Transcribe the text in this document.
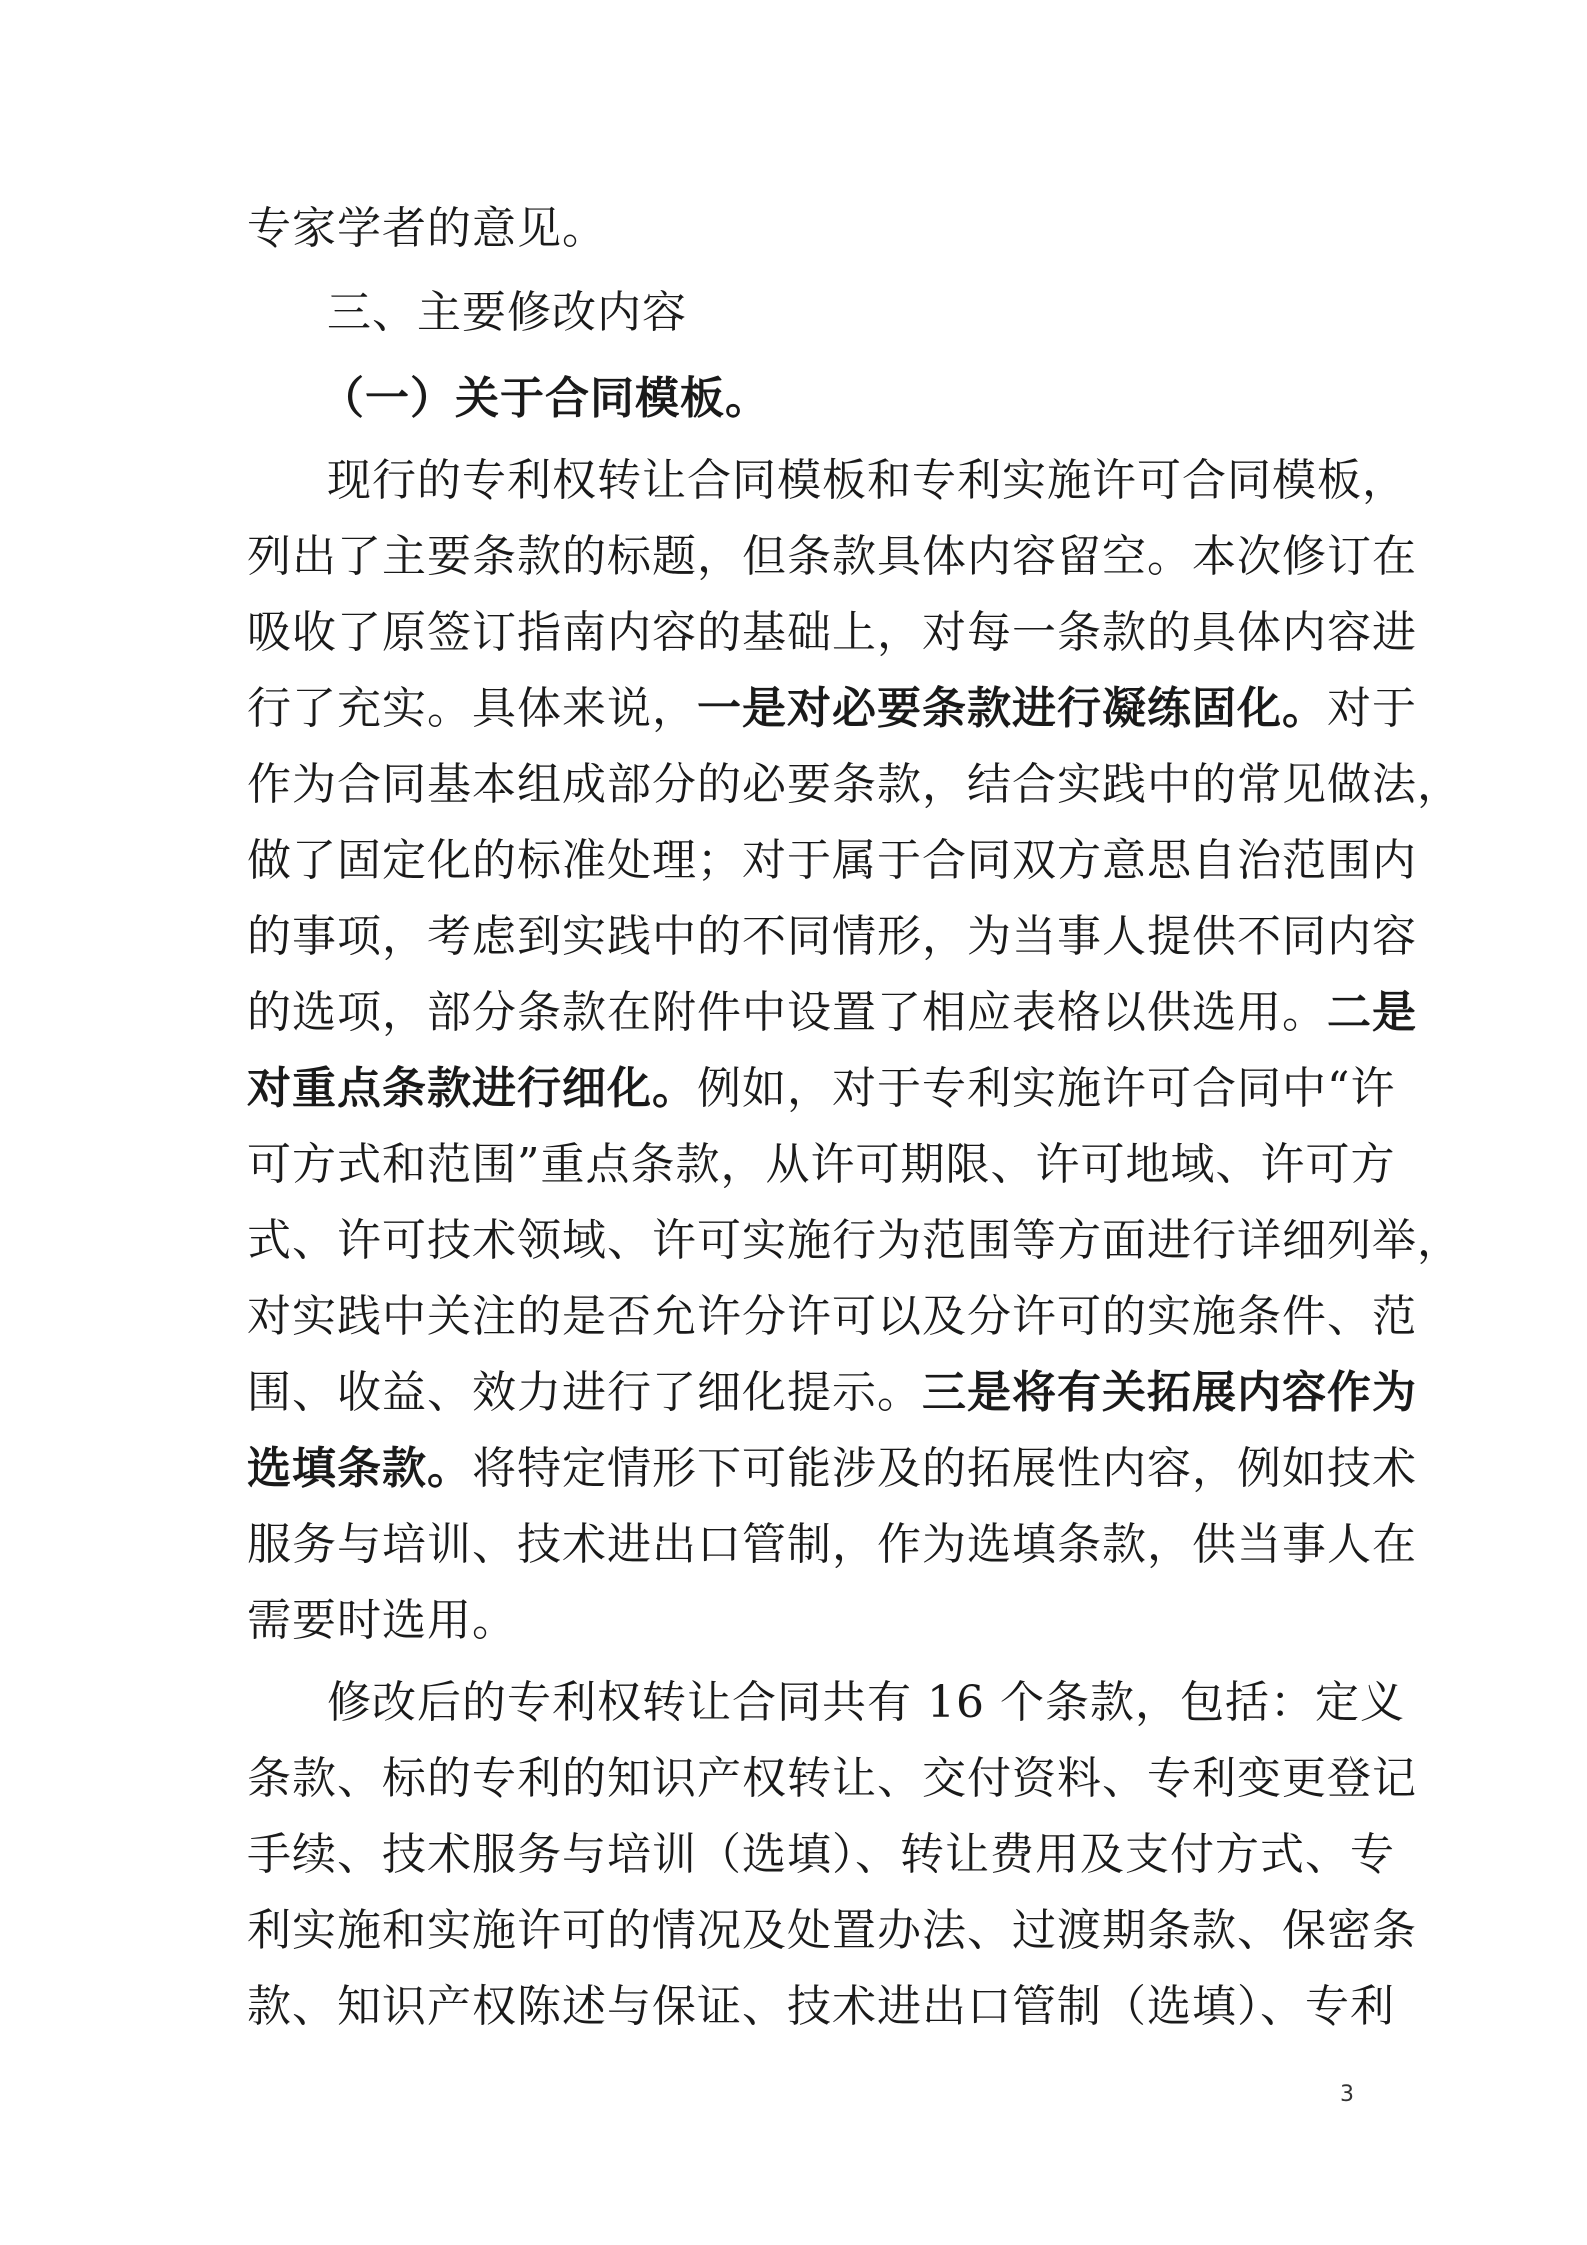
专家学者的意见。
三、主要修改内容
（一）关于合同模板。
现行的专利权转让合同模板和专利实施许可合同模板，
列出了主要条款的标题，但条款具体内容留空。本次修订在
吸收了原签订指南内容的基础上，对每一条款的具体内容进
行了充实。具体来说，一是对必要条款进行凝练固化。对于
作为合同基本组成部分的必要条款，结合实践中的常见做法，
做了固定化的标准处理；对于属于合同双方意思自治范围内
的事项，考虑到实践中的不同情形，为当事人提供不同内容
的选项，部分条款在附件中设置了相应表格以供选用。二是
对重点条款进行细化。例如，对于专利实施许可合同中“许
可方式和范围”重点条款，从许可期限、许可地域、许可方
式、许可技术领域、许可实施行为范围等方面进行详细列举，
对实践中关注的是否允许分许可以及分许可的实施条件、范
围、收益、效力进行了细化提示。三是将有关拓展内容作为
选填条款。将特定情形下可能涉及的拓展性内容，例如技术
服务与培训、技术进出口管制，作为选填条款，供当事人在
需要时选用。
修改后的专利权转让合同共有 16 个条款，包括：定义
条款、标的专利的知识产权转让、交付资料、专利变更登记
手续、技术服务与培训（选填）、转让费用及支付方式、专
利实施和实施许可的情况及处置办法、过渡期条款、保密条
款、知识产权陈述与保证、技术进出口管制（选填）、专利
3
